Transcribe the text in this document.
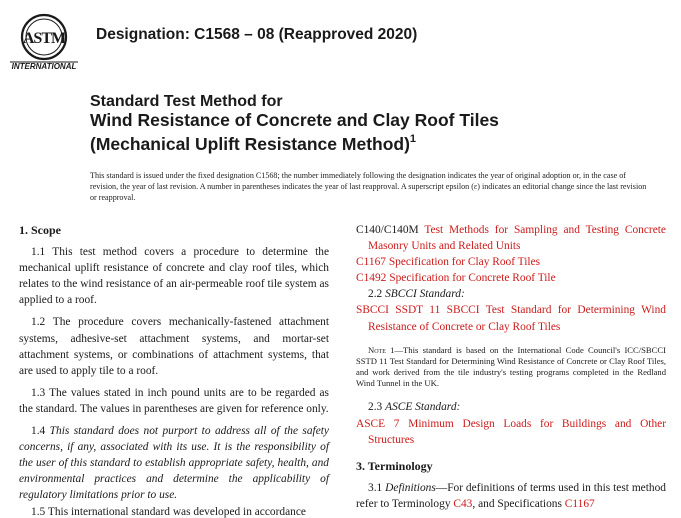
ASTM
INTERNATIONAL
Designation: C1568 – 08 (Reapproved 2020)
Standard Test Method for
Wind Resistance of Concrete and Clay Roof Tiles
(Mechanical Uplift Resistance Method)$^1$
This standard is issued under the fixed designation C1568; the number immediately following the designation indicates the year of original adoption or, in the case of revision, the year of last revision. A number in parentheses indicates the year of last reapproval. A superscript epsilon (ε) indicates an editorial change since the last revision or reapproval.

1. Scope

1.1 This test method covers a procedure to determine the mechanical uplift resistance of concrete and clay roof tiles, which relates to the wind resistance of an air-permeable roof tile system as applied to a roof.

1.2 The procedure covers mechanically-fastened attachment systems, adhesive-set attachment systems, and mortar-set attachment systems, or combinations of attachment systems, that are used to apply tile to a roof.

1.3 The values stated in inch pound units are to be regarded as the standard. The values in parentheses are given for reference only.

1.4 This standard does not purport to address all of the safety concerns, if any, associated with its use. It is the responsibility of the user of this standard to establish appropriate safety, health, and environmental practices and determine the applicability of regulatory limitations prior to use.

1.5 This international standard was developed in accordance

C140/C140M Test Methods for Sampling and Testing Concrete Masonry Units and Related Units

C1167 Specification for Clay Roof Tiles

C1492 Specification for Concrete Roof Tile

2.2 SBCCI Standard:

SBCCI SSDT 11 SBCCI Test Standard for Determining Wind Resistance of Concrete or Clay Roof Tiles

Note 1—This standard is based on the International Code Council's ICC/SBCCI SSTD 11 Test Standard for Determining Wind Resistance of Concrete or Clay Roof Tiles, and work derived from the tile industry's testing programs completed in the Redland Wind Tunnel in the UK.

2.3 ASCE Standard:

ASCE 7 Minimum Design Loads for Buildings and Other Structures

3. Terminology

3.1 Definitions—For definitions of terms used in this test method refer to Terminology C43, and Specifications C1167
